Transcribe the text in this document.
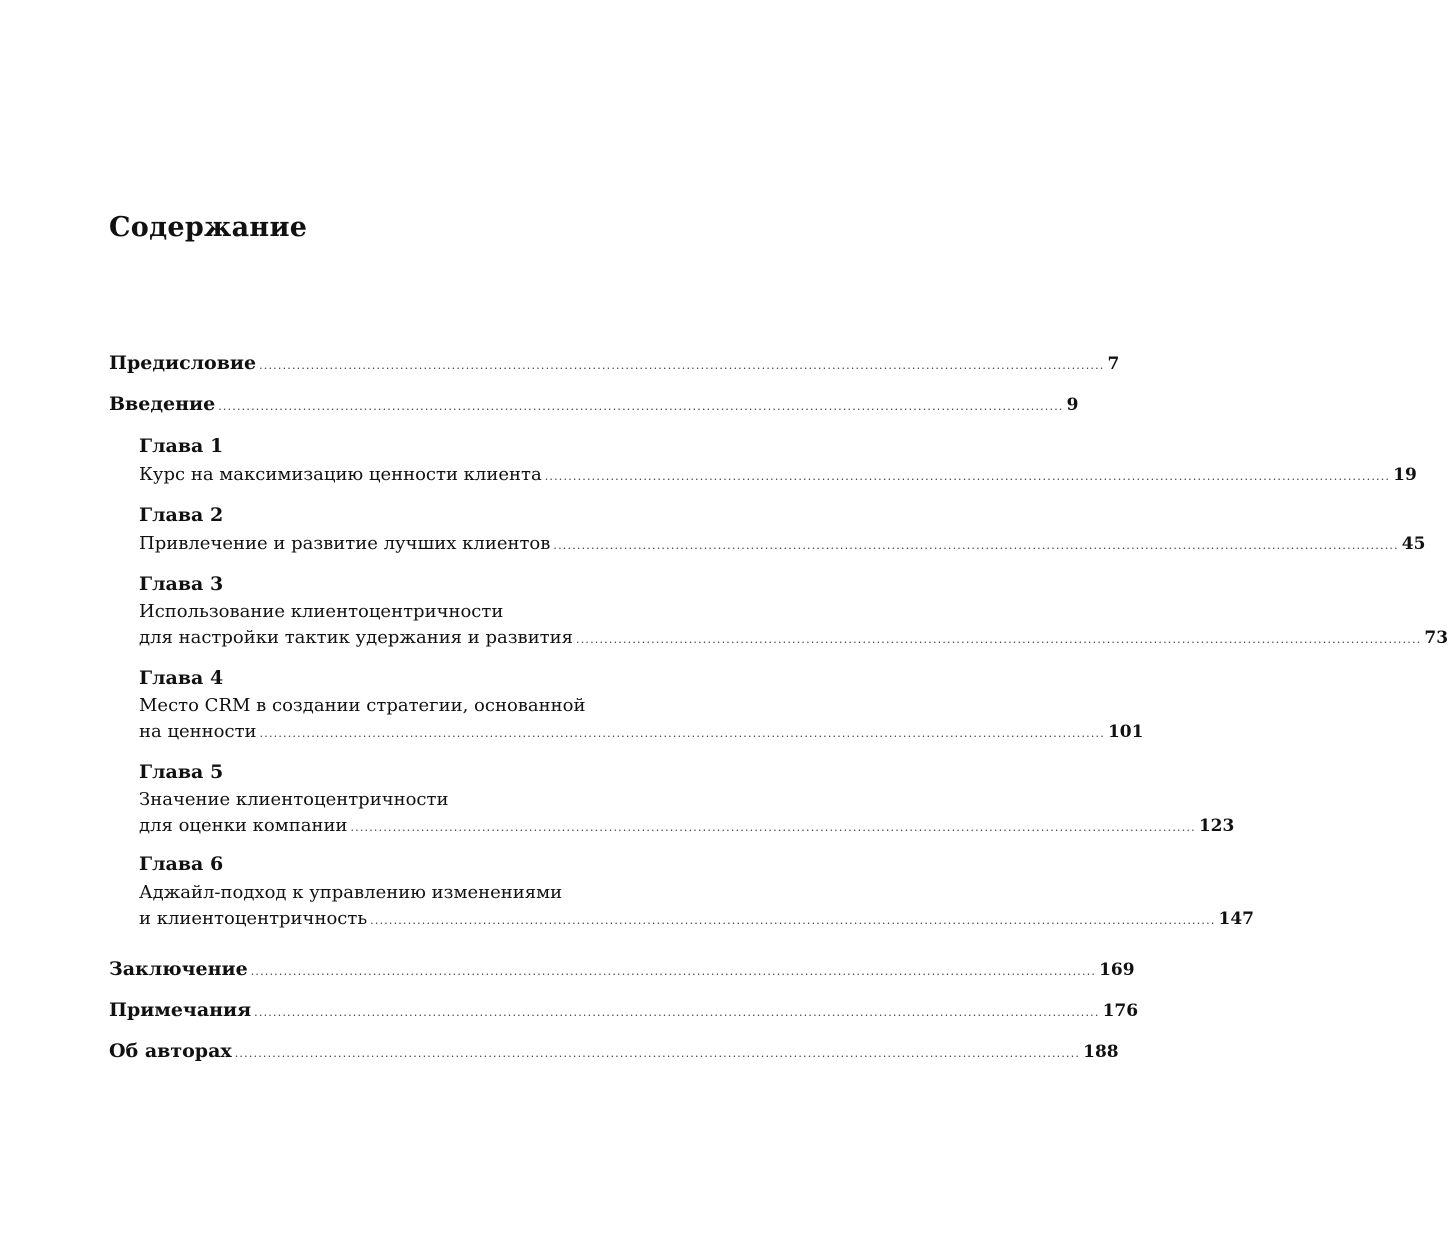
Содержание
Предисловие .................................................................................................................................................................................... 7
Введение .................................................................................................................................................................................... 9
Глава 1
Курс на максимизацию ценности клиента .................................................................................................................................................................................... 19
Глава 2
Привлечение и развитие лучших клиентов .................................................................................................................................................................................... 45
Глава 3
Использование клиентоцентричности
для настройки тактик удержания и развития .................................................................................................................................................................................... 73
Глава 4
Место CRM в создании стратегии, основанной
на ценности .................................................................................................................................................................................... 101
Глава 5
Значение клиентоцентричности
для оценки компании .................................................................................................................................................................................... 123
Глава 6
Аджайл-подход к управлению изменениями
и клиентоцентричность .................................................................................................................................................................................... 147
Заключение .................................................................................................................................................................................... 169
Примечания .................................................................................................................................................................................... 176
Об авторах .................................................................................................................................................................................... 188
